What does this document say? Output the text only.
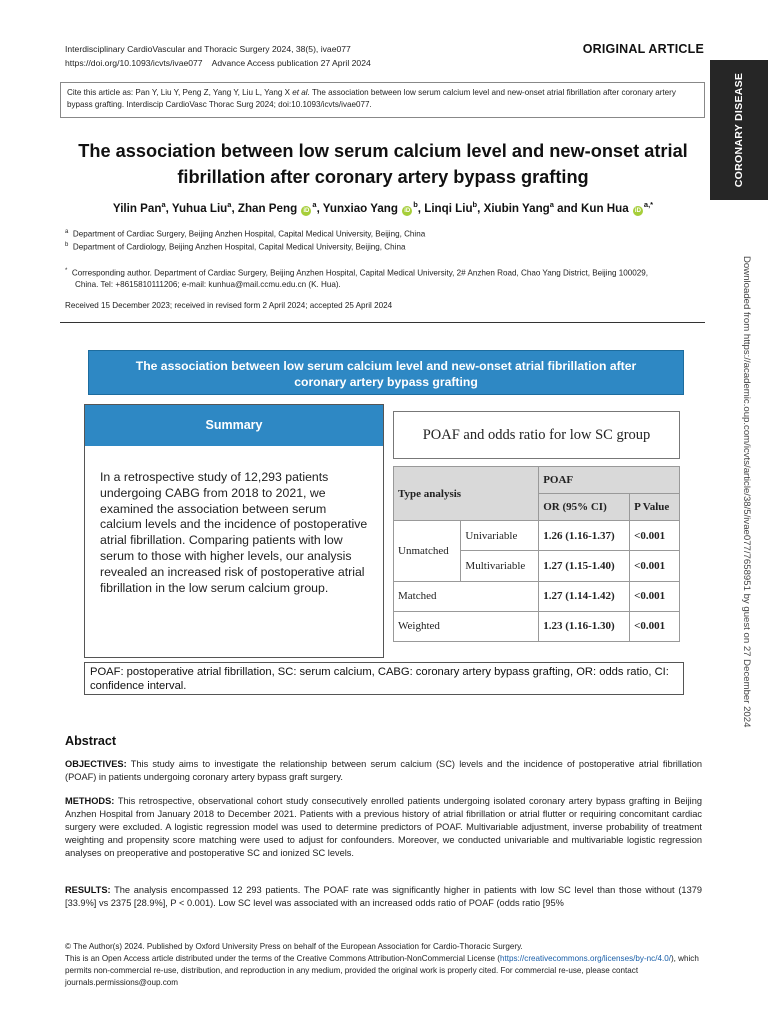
Interdisciplinary CardioVascular and Thoracic Surgery 2024, 38(5), ivae077
https://doi.org/10.1093/icvts/ivae077    Advance Access publication 27 April 2024
ORIGINAL ARTICLE
CORONARY DISEASE
Downloaded from https://academic.oup.com/icvts/article/38/5/ivae077/7658951 by guest on 27 December 2024
Cite this article as: Pan Y, Liu Y, Peng Z, Yang Y, Liu L, Yang X et al. The association between low serum calcium level and new-onset atrial fibrillation after coronary artery bypass grafting. Interdiscip CardioVasc Thorac Surg 2024; doi:10.1093/icvts/ivae077.
The association between low serum calcium level and new-onset atrial fibrillation after coronary artery bypass grafting
Yilin Pan$^a$, Yuhua Liu$^a$, Zhan Peng $iD^a$, Yunxiao Yang $iD^b$, Linqi Liu$^b$, Xiubin Yang$^a$ and Kun Hua $iD^{a,*}$
$^a$ Department of Cardiac Surgery, Beijing Anzhen Hospital, Capital Medical University, Beijing, China
$^b$ Department of Cardiology, Beijing Anzhen Hospital, Capital Medical University, Beijing, China
* Corresponding author. Department of Cardiac Surgery, Beijing Anzhen Hospital, Capital Medical University, 2# Anzhen Road, Chao Yang District, Beijing 100029,
China. Tel: +8615810111206; e-mail: kunhua@mail.ccmu.edu.cn (K. Hua).
Received 15 December 2023; received in revised form 2 April 2024; accepted 25 April 2024
The association between low serum calcium level and new-onset atrial fibrillation after
coronary artery bypass grafting
Summary
In a retrospective study of 12,293 patients undergoing CABG from 2018 to 2021, we examined the association between serum calcium levels and the incidence of postoperative atrial fibrillation. Comparing patients with low serum to those with higher levels, our analysis revealed an increased risk of postoperative atrial fibrillation in the low serum calcium group.
POAF and odds ratio for low SC group
Type analysis		POAF	
		OR (95% CI)	P Value
Unmatched	Univariable	1.26 (1.16-1.37)	<0.001
	Multivariable	1.27 (1.15-1.40)	<0.001
Matched		1.27 (1.14-1.42)	<0.001
Weighted		1.23 (1.16-1.30)	<0.001
POAF: postoperative atrial fibrillation, SC: serum calcium, CABG: coronary artery bypass grafting, OR: odds ratio, CI: confidence interval.
Abstract

OBJECTIVES: This study aims to investigate the relationship between serum calcium (SC) levels and the incidence of postoperative atrial fibrillation (POAF) in patients undergoing coronary artery bypass graft surgery.

METHODS: This retrospective, observational cohort study consecutively enrolled patients undergoing isolated coronary artery bypass grafting in Beijing Anzhen Hospital from January 2018 to December 2021. Patients with a previous history of atrial fibrillation or atrial flutter or requiring concomitant cardiac surgery were excluded. A logistic regression model was used to determine predictors of POAF. Multivariable adjustment, inverse probability of treatment weighting and propensity score matching were used to adjust for confounders. Moreover, we conducted univariable and multivariable logistic regression analyses on preoperative and postoperative SC and ionized SC levels.

RESULTS: The analysis encompassed 12 293 patients. The POAF rate was significantly higher in patients with low SC level than those without (1379 [33.9%] vs 2375 [28.9%], P < 0.001). Low SC level was associated with an increased odds ratio of POAF (odds ratio [95%

© The Author(s) 2024. Published by Oxford University Press on behalf of the European Association for Cardio-Thoracic Surgery.
This is an Open Access article distributed under the terms of the Creative Commons Attribution-NonCommercial License (https://creativecommons.org/licenses/by-nc/4.0/), which permits non-commercial re-use, distribution, and reproduction in any medium, provided the original work is properly cited. For commercial re-use, please contact journals.permissions@oup.com
